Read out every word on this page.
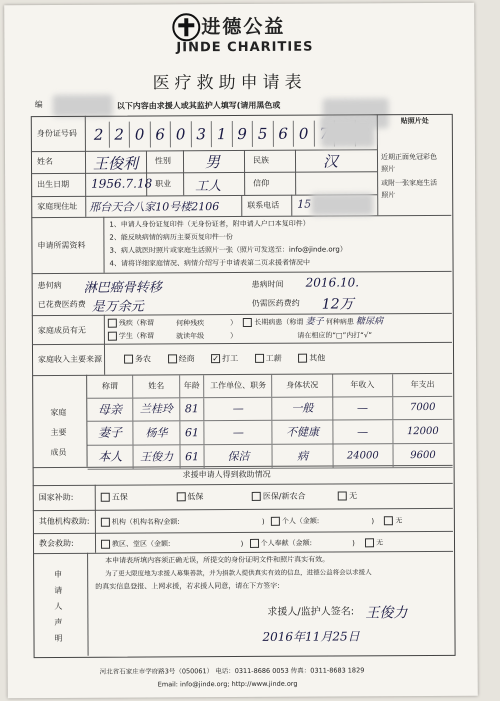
进德公益
JINDE CHARITIES
医疗救助申请表
编	以下内容由求援人或其监护人填写(请用黑色或
身份证号码	2 2 0 6 0 3 1 9 5 6 0
贴照片处
近期正面免冠彩色
照片
或附一张家庭生活
照片
姓名	王俊利 性别 男	民族	汉
出生日期 1956.7.18 职业 工人	信仰
家庭现住址 邢台天合八家10号楼2106	联系电话 15
申请所需资料
1、申请人身份证复印件（无身份证者，附申请人户口本复印件）
2、能反映病情的病历主要页复印件一份
3、病人就医时照片或家庭生活照片一张（照片可发送至：info@jinde.org）
4、请将详细家庭情况、病情介绍写于申请表第二页求援者情况中
患何病 淋巴癌骨转移	患病时间 2016.10.
已花费医药费 是万余元	仍需医药费约 12万
家庭成员有无
残疾（称谓	何种残疾	） 长期病患（称谓 妻子 何种病患 糖尿病
学生（称谓	就读年级	）	请在相应的“□”内打“√”
家庭收入主要来源	务农	经商 ✓ 打工	工薪	其他
家庭
主要
成员
称谓	姓名	年龄	工作单位、职务	身体状况	年收入	年支出
母亲	兰桂玲	81	—	一般	—	7000
妻子	杨华	61	—	不健康	—	12000
本人	王俊力	61	保洁	病	24000	9600
求援申请人得到救助情况
国家补助:	五保	低保	医保/新农合	无
其他机构救助:	机构（机构名称/金额:	) 个人（金额:	)	无
教会救助:	教区、堂区（金额:	) 个人奉献（金额:	)	无
申
请
人
声
明
本申请表所填内容须正确无误，所提交的身份证明文件和照片真实有效。
为了更大限度地为求援人募集善款，并为捐款人提供真实有效的信息，进德公益将会以求援人
的真实信息登报、上网求援，若求援人同意，请在下方签字:
求援人/监护人签名: 王俊力
2016年11月25日
河北省石家庄市学府路3号（050061） 电话：0311-8686 0053 传真：0311-8683 1829
Email: info@jinde.org; http://www.jinde.org
